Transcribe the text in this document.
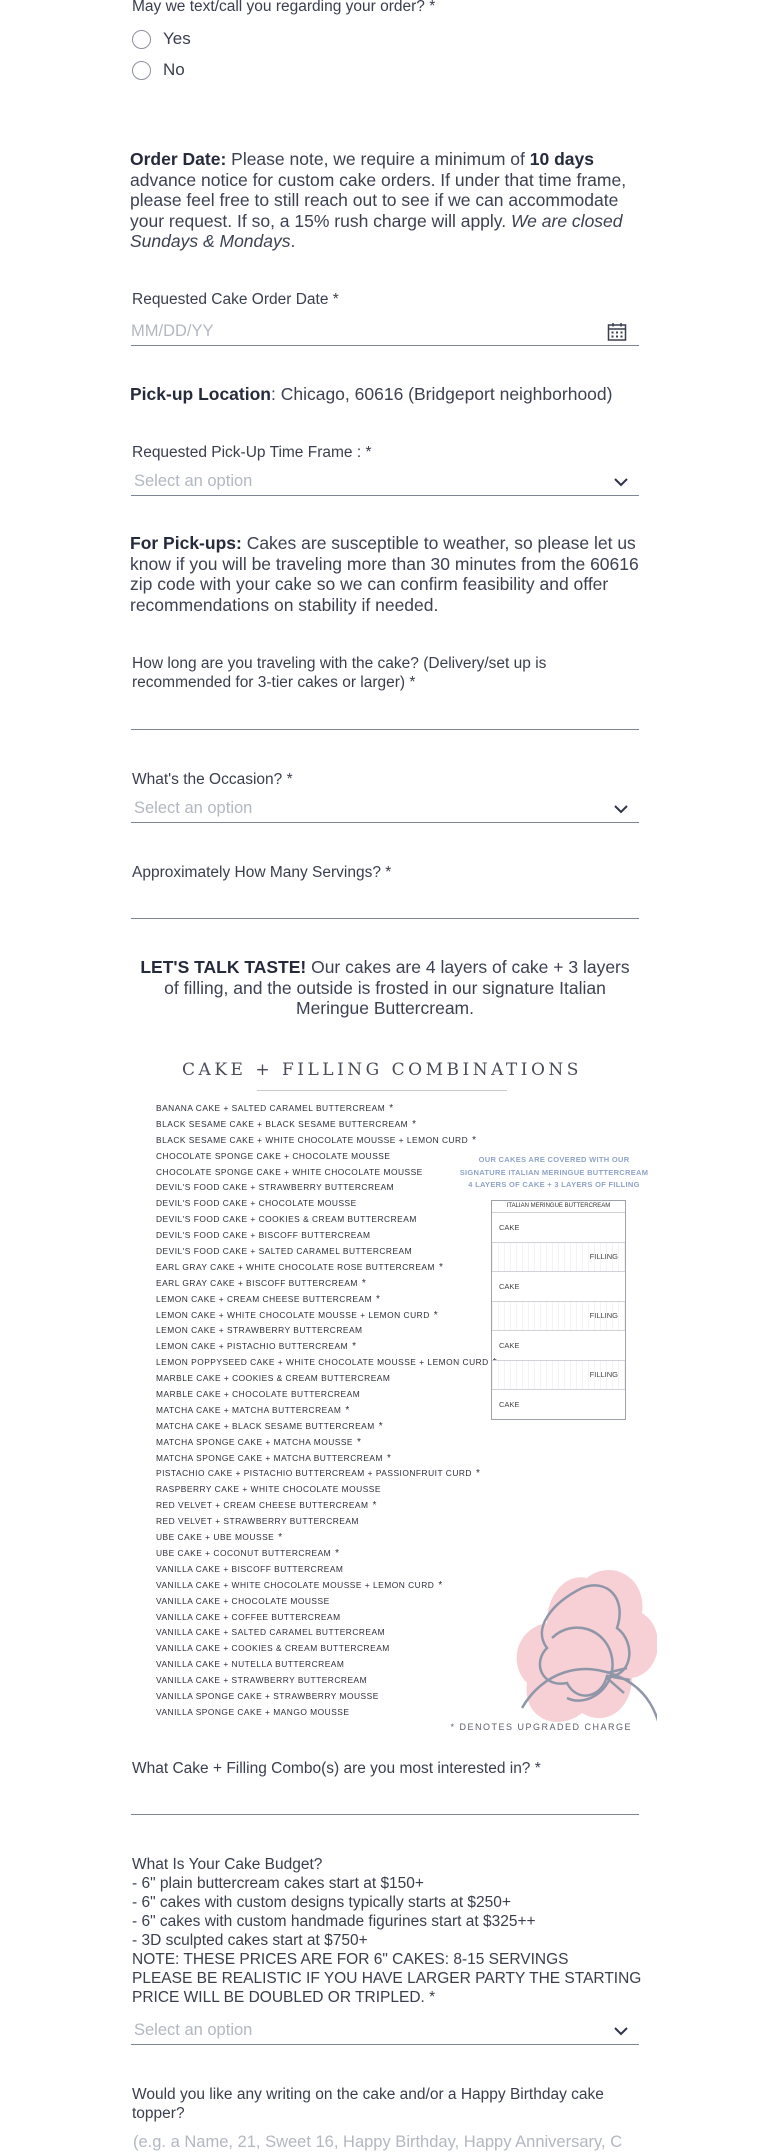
May we text/call you regarding your order? *
Yes
No
Order Date: Please note, we require a minimum of 10 days advance notice for custom cake orders. If under that time frame, please feel free to still reach out to see if we can accommodate your request. If so, a 15% rush charge will apply. We are closed Sundays & Mondays.
Requested Cake Order Date *
MM/DD/YY
Pick-up Location: Chicago, 60616 (Bridgeport neighborhood)
Requested Pick-Up Time Frame : *
Select an option
For Pick-ups: Cakes are susceptible to weather, so please let us know if you will be traveling more than 30 minutes from the 60616 zip code with your cake so we can confirm feasibility and offer recommendations on stability if needed.
How long are you traveling with the cake? (Delivery/set up is recommended for 3-tier cakes or larger) *
What's the Occasion? *
Select an option
Approximately How Many Servings? *
LET'S TALK TASTE! Our cakes are 4 layers of cake + 3 layers of filling, and the outside is frosted in our signature Italian Meringue Buttercream.
CAKE + FILLING COMBINATIONS
BANANA CAKE + SALTED CARAMEL BUTTERCREAM *
BLACK SESAME CAKE + BLACK SESAME BUTTERCREAM *
BLACK SESAME CAKE + WHITE CHOCOLATE MOUSSE + LEMON CURD *
CHOCOLATE SPONGE CAKE + CHOCOLATE MOUSSE
CHOCOLATE SPONGE CAKE + WHITE CHOCOLATE MOUSSE
DEVIL'S FOOD CAKE + STRAWBERRY BUTTERCREAM
DEVIL'S FOOD CAKE + CHOCOLATE MOUSSE
DEVIL'S FOOD CAKE + COOKIES & CREAM BUTTERCREAM
DEVIL'S FOOD CAKE + BISCOFF BUTTERCREAM
DEVIL'S FOOD CAKE + SALTED CARAMEL BUTTERCREAM
EARL GRAY CAKE + WHITE CHOCOLATE ROSE BUTTERCREAM *
EARL GRAY CAKE + BISCOFF BUTTERCREAM *
LEMON CAKE + CREAM CHEESE BUTTERCREAM *
LEMON CAKE + WHITE CHOCOLATE MOUSSE + LEMON CURD *
LEMON CAKE + STRAWBERRY BUTTERCREAM
LEMON CAKE + PISTACHIO BUTTERCREAM *
LEMON POPPYSEED CAKE + WHITE CHOCOLATE MOUSSE + LEMON CURD
MARBLE CAKE + COOKIES & CREAM BUTTERCREAM
MARBLE CAKE + CHOCOLATE BUTTERCREAM
MATCHA CAKE + MATCHA BUTTERCREAM *
MATCHA CAKE + BLACK SESAME BUTTERCREAM *
MATCHA SPONGE CAKE + MATCHA MOUSSE *
MATCHA SPONGE CAKE + MATCHA BUTTERCREAM *
PISTACHIO CAKE + PISTACHIO BUTTERCREAM + PASSIONFRUIT CURD *
RASPBERRY CAKE + WHITE CHOCOLATE MOUSSE
RED VELVET + CREAM CHEESE BUTTERCREAM *
RED VELVET + STRAWBERRY BUTTERCREAM
UBE CAKE + UBE MOUSSE *
UBE CAKE + COCONUT BUTTERCREAM *
VANILLA CAKE + BISCOFF BUTTERCREAM
VANILLA CAKE + WHITE CHOCOLATE MOUSSE + LEMON CURD *
VANILLA CAKE + CHOCOLATE MOUSSE
VANILLA CAKE + COFFEE BUTTERCREAM
VANILLA CAKE + SALTED CARAMEL BUTTERCREAM
VANILLA CAKE + COOKIES & CREAM BUTTERCREAM
VANILLA CAKE + NUTELLA BUTTERCREAM
VANILLA CAKE + STRAWBERRY BUTTERCREAM
VANILLA SPONGE CAKE + STRAWBERRY MOUSSE
VANILLA SPONGE CAKE + MANGO MOUSSE
OUR CAKES ARE COVERED WITH OUR
SIGNATURE ITALIAN MERINGUE BUTTERCREAM
4 LAYERS OF CAKE + 3 LAYERS OF FILLING
ITALIAN MERINGUE BUTTERCREAM
CAKE
FILLING
CAKE
FILLING
CAKE
FILLING
CAKE
* DENOTES UPGRADED CHARGE
What Cake + Filling Combo(s) are you most interested in? *
What Is Your Cake Budget?
- 6" plain buttercream cakes start at $150+
- 6" cakes with custom designs typically starts at $250+
- 6" cakes with custom handmade figurines start at $325++
- 3D sculpted cakes start at $750+
NOTE: THESE PRICES ARE FOR 6" CAKES: 8-15 SERVINGS
PLEASE BE REALISTIC IF YOU HAVE LARGER PARTY THE STARTING
PRICE WILL BE DOUBLED OR TRIPLED. *
Select an option
Would you like any writing on the cake and/or a Happy Birthday cake topper?
(e.g. a Name, 21, Sweet 16, Happy Birthday, Happy Anniversary, C
